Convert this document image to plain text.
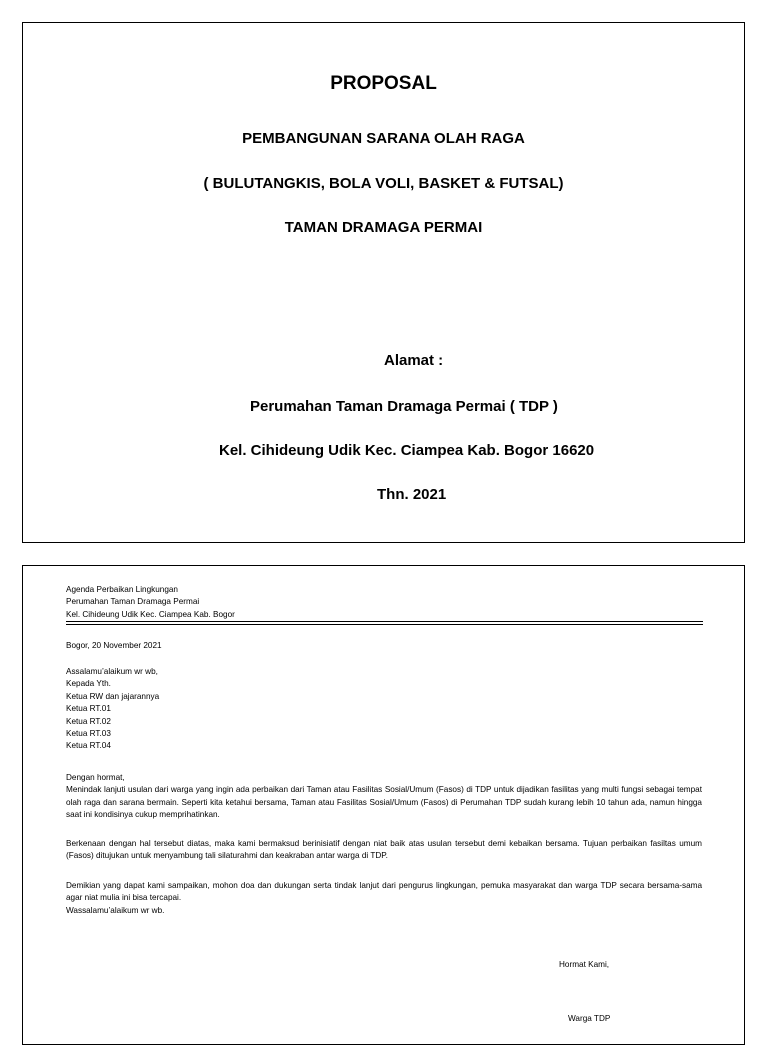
PROPOSAL
PEMBANGUNAN SARANA OLAH RAGA
( BULUTANGKIS, BOLA VOLI, BASKET & FUTSAL)
TAMAN DRAMAGA PERMAI
Alamat :
Perumahan Taman Dramaga Permai ( TDP )
Kel. Cihideung Udik Kec. Ciampea Kab. Bogor 16620
Thn. 2021
Agenda Perbaikan Lingkungan
Perumahan Taman Dramaga Permai
Kel. Cihideung Udik Kec. Ciampea Kab. Bogor
Bogor, 20 November 2021
Assalamu’alaikum wr wb,
Kepada Yth.
Ketua RW dan jajarannya
Ketua RT.01
Ketua RT.02
Ketua RT.03
Ketua RT.04
Dengan hormat,

Menindak lanjuti usulan dari warga yang ingin ada perbaikan dari Taman atau Fasilitas Sosial/Umum (Fasos) di TDP untuk dijadikan fasilitas yang multi fungsi sebagai tempat olah raga dan sarana bermain. Seperti kita ketahui bersama, Taman atau Fasilitas Sosial/Umum (Fasos) di Perumahan TDP sudah kurang lebih 10 tahun ada, namun hingga saat ini kondisinya cukup memprihatinkan.

Berkenaan dengan hal tersebut diatas, maka kami bermaksud berinisiatif dengan niat baik atas usulan tersebut demi kebaikan bersama. Tujuan perbaikan fasiltas umum (Fasos) ditujukan untuk menyambung tali silaturahmi dan keakraban antar warga di TDP.

Demikian yang dapat kami sampaikan, mohon doa dan dukungan serta tindak lanjut dari pengurus lingkungan, pemuka masyarakat dan warga TDP secara bersama-sama agar niat mulia ini bisa tercapai.

Wassalamu’alaikum wr wb.
Hormat Kami,
Warga TDP
